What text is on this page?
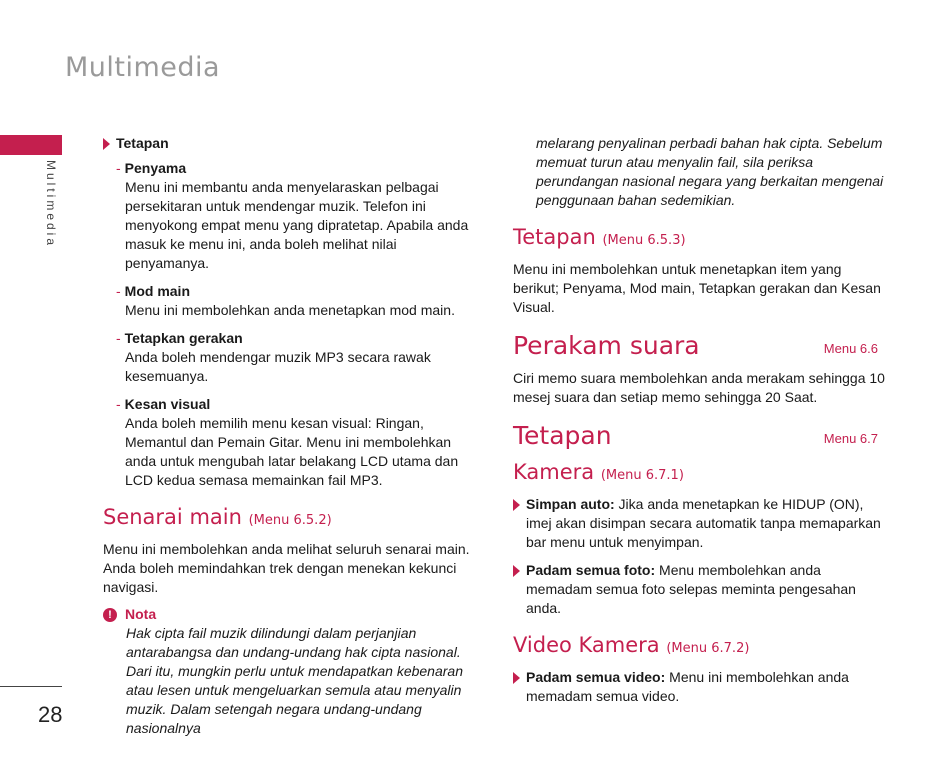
Multimedia
Multimedia
28
Tetapan
- Penyama
Menu ini membantu anda menyelaraskan pelbagai persekitaran untuk mendengar muzik. Telefon ini menyokong empat menu yang dipratetap. Apabila anda masuk ke menu ini, anda boleh melihat nilai penyamanya.
- Mod main
Menu ini membolehkan anda menetapkan mod main.
- Tetapkan gerakan
Anda boleh mendengar muzik MP3 secara rawak kesemuanya.
- Kesan visual
Anda boleh memilih menu kesan visual: Ringan, Memantul dan Pemain Gitar. Menu ini membolehkan anda untuk mengubah latar belakang LCD utama dan LCD kedua semasa memainkan fail MP3.
Senarai main (Menu 6.5.2)

Menu ini membolehkan anda melihat seluruh senarai main. Anda boleh memindahkan trek dengan menekan kekunci navigasi.

! Nota

Hak cipta fail muzik dilindungi dalam perjanjian antarabangsa dan undang-undang hak cipta nasional. Dari itu, mungkin perlu untuk mendapatkan kebenaran atau lesen untuk mengeluarkan semula atau menyalin muzik. Dalam setengah negara undang-undang nasionalnya

melarang penyalinan perbadi bahan hak cipta. Sebelum memuat turun atau menyalin fail, sila periksa perundangan nasional negara yang berkaitan mengenai penggunaan bahan sedemikian.

Tetapan (Menu 6.5.3)

Menu ini membolehkan untuk menetapkan item yang berikut; Penyama, Mod main, Tetapkan gerakan dan Kesan Visual.

Perakam suara	Menu 6.6

Ciri memo suara membolehkan anda merakam sehingga 10 mesej suara dan setiap memo sehingga 20 Saat.

Tetapan	Menu 6.7
Kamera (Menu 6.7.1)
Simpan auto: Jika anda menetapkan ke HIDUP (ON), imej akan disimpan secara automatik tanpa memaparkan bar menu untuk menyimpan.
Padam semua foto: Menu membolehkan anda memadam semua foto selepas meminta pengesahan anda.
Video Kamera (Menu 6.7.2)
Padam semua video: Menu ini membolehkan anda memadam semua video.
